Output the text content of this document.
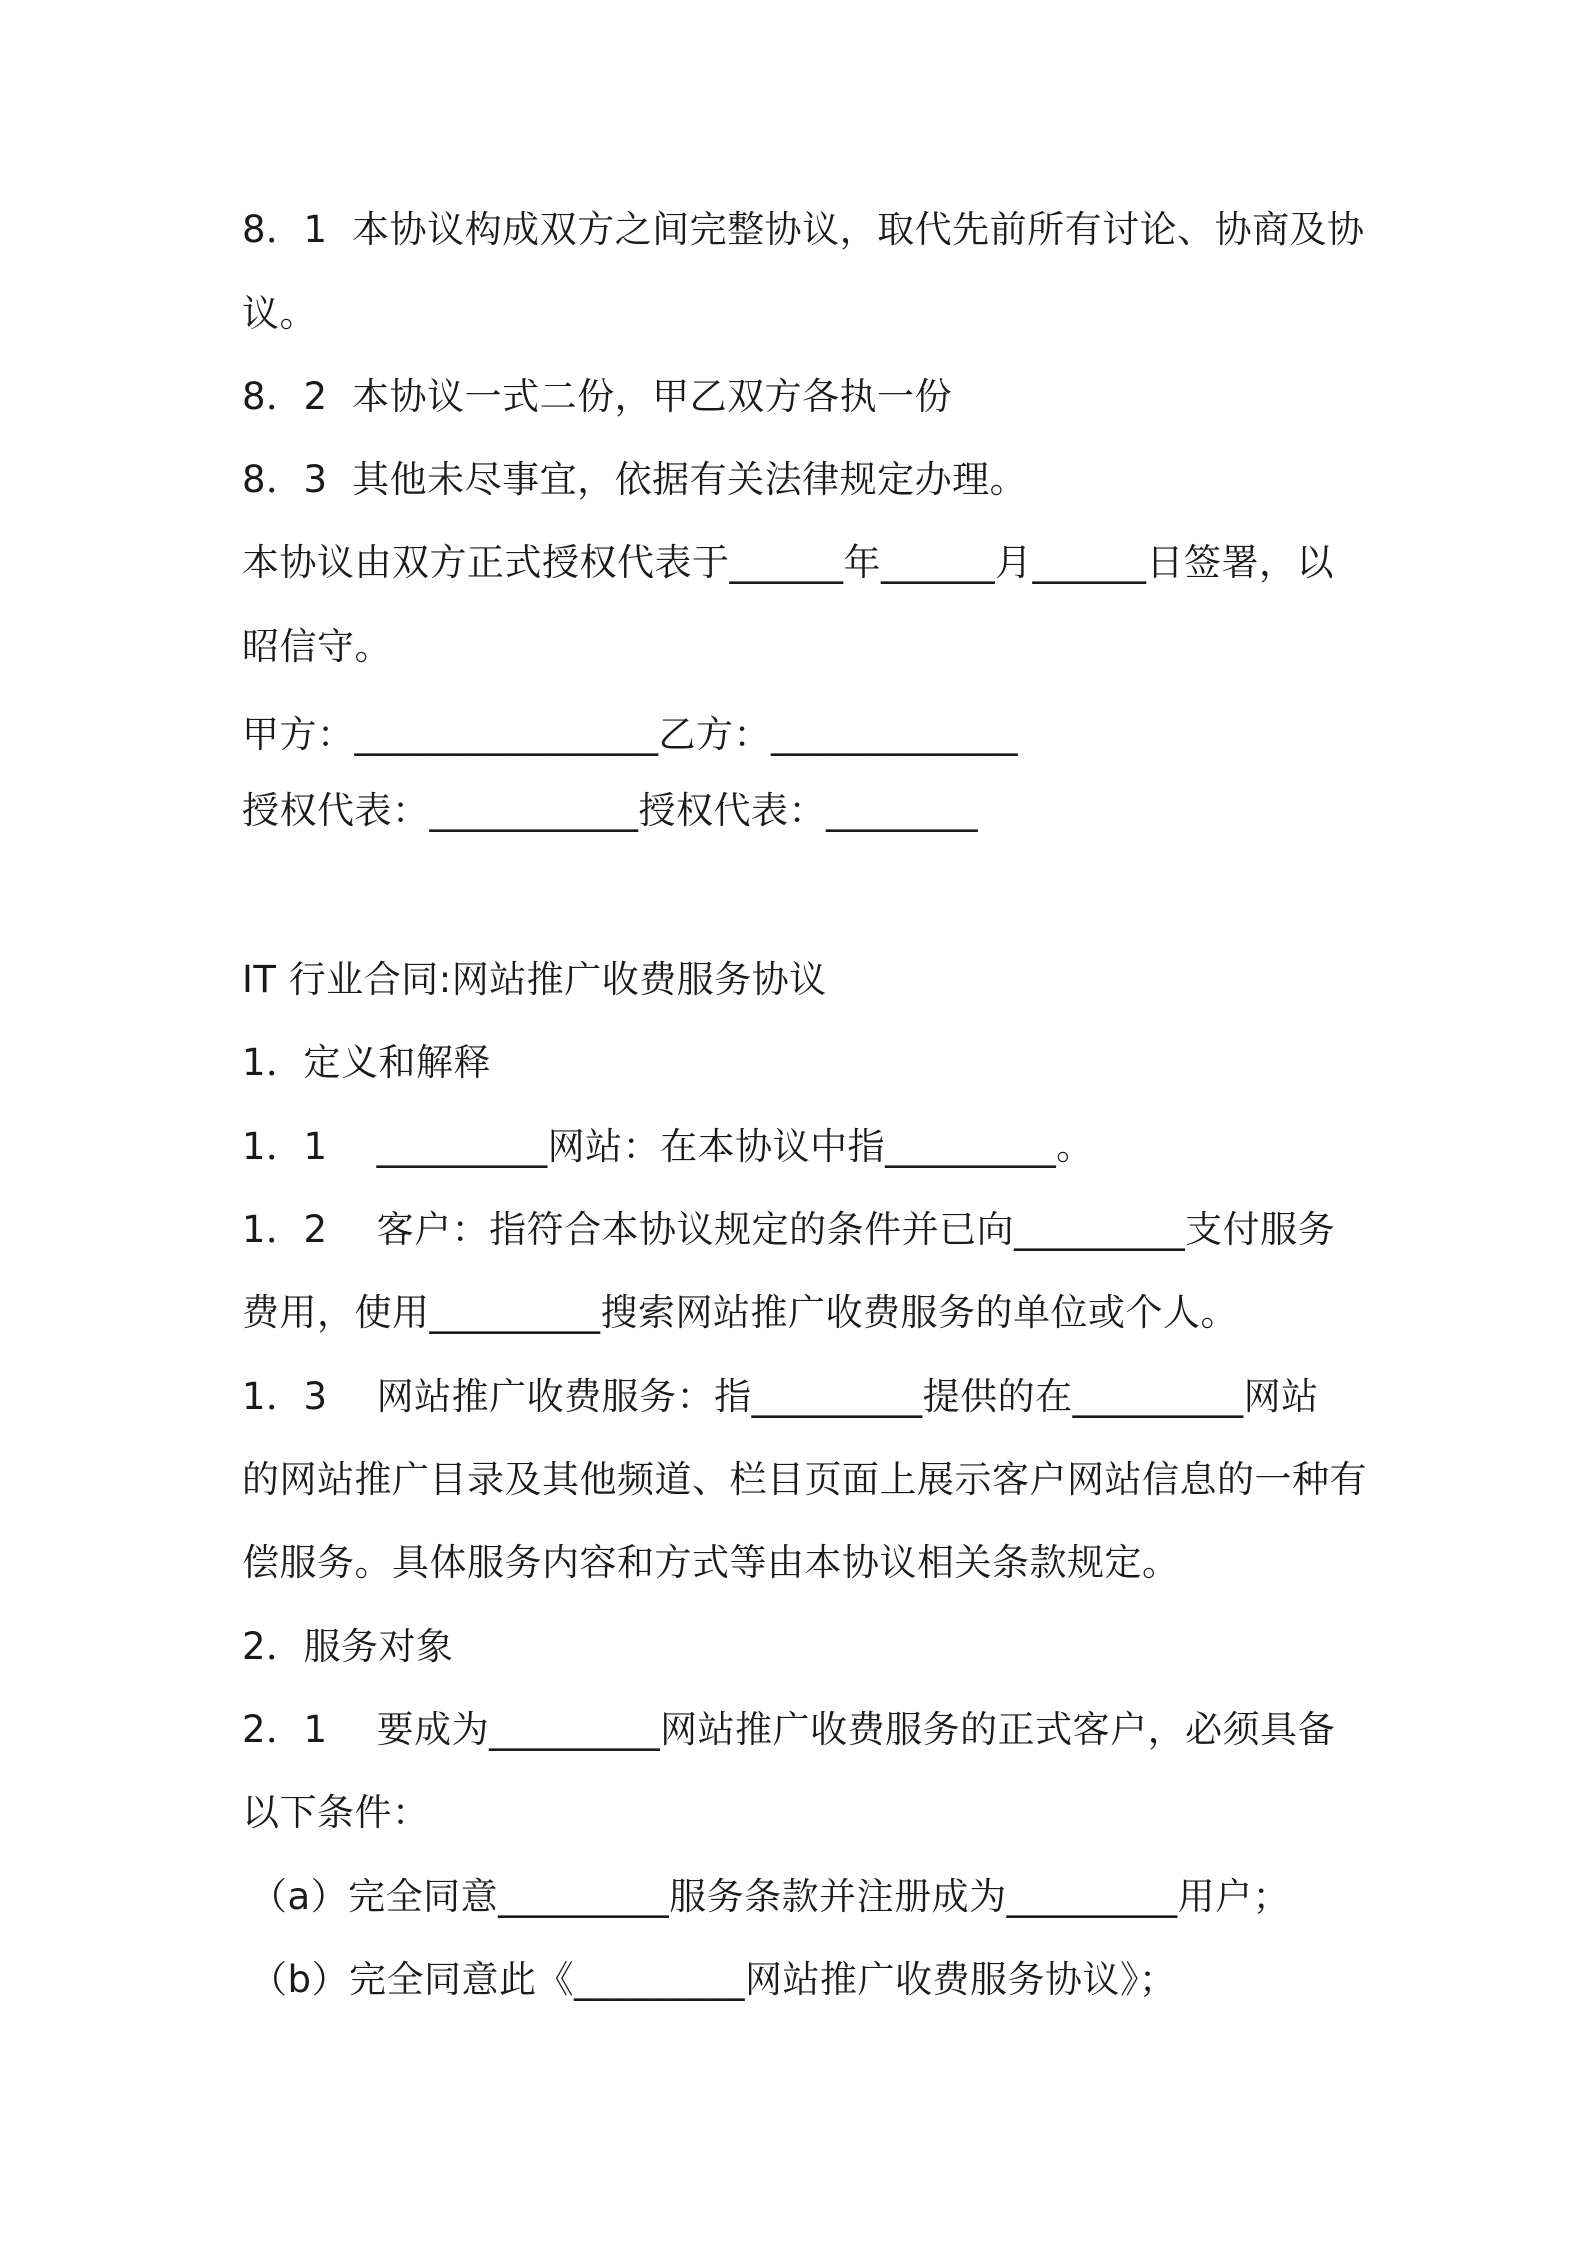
8．1  本协议构成双方之间完整协议，取代先前所有讨论、协商及协
议。
8．2  本协议一式二份，甲乙双方各执一份
8．3  其他未尽事宜，依据有关法律规定办理。
本协议由双方正式授权代表于______年______月______日签署，以
昭信守。
甲方：________________乙方：_____________
授权代表：___________授权代表：________
IT 行业合同:网站推广收费服务协议
1．定义和解释
1．1    _________网站：在本协议中指_________。
1．2    客户：指符合本协议规定的条件并已向_________支付服务
费用，使用_________搜索网站推广收费服务的单位或个人。
1．3    网站推广收费服务：指_________提供的在_________网站
的网站推广目录及其他频道、栏目页面上展示客户网站信息的一种有
偿服务。具体服务内容和方式等由本协议相关条款规定。
2．服务对象
2．1    要成为_________网站推广收费服务的正式客户，必须具备
以下条件：
（a）完全同意_________服务条款并注册成为_________用户；
（b）完全同意此《_________网站推广收费服务协议》；
